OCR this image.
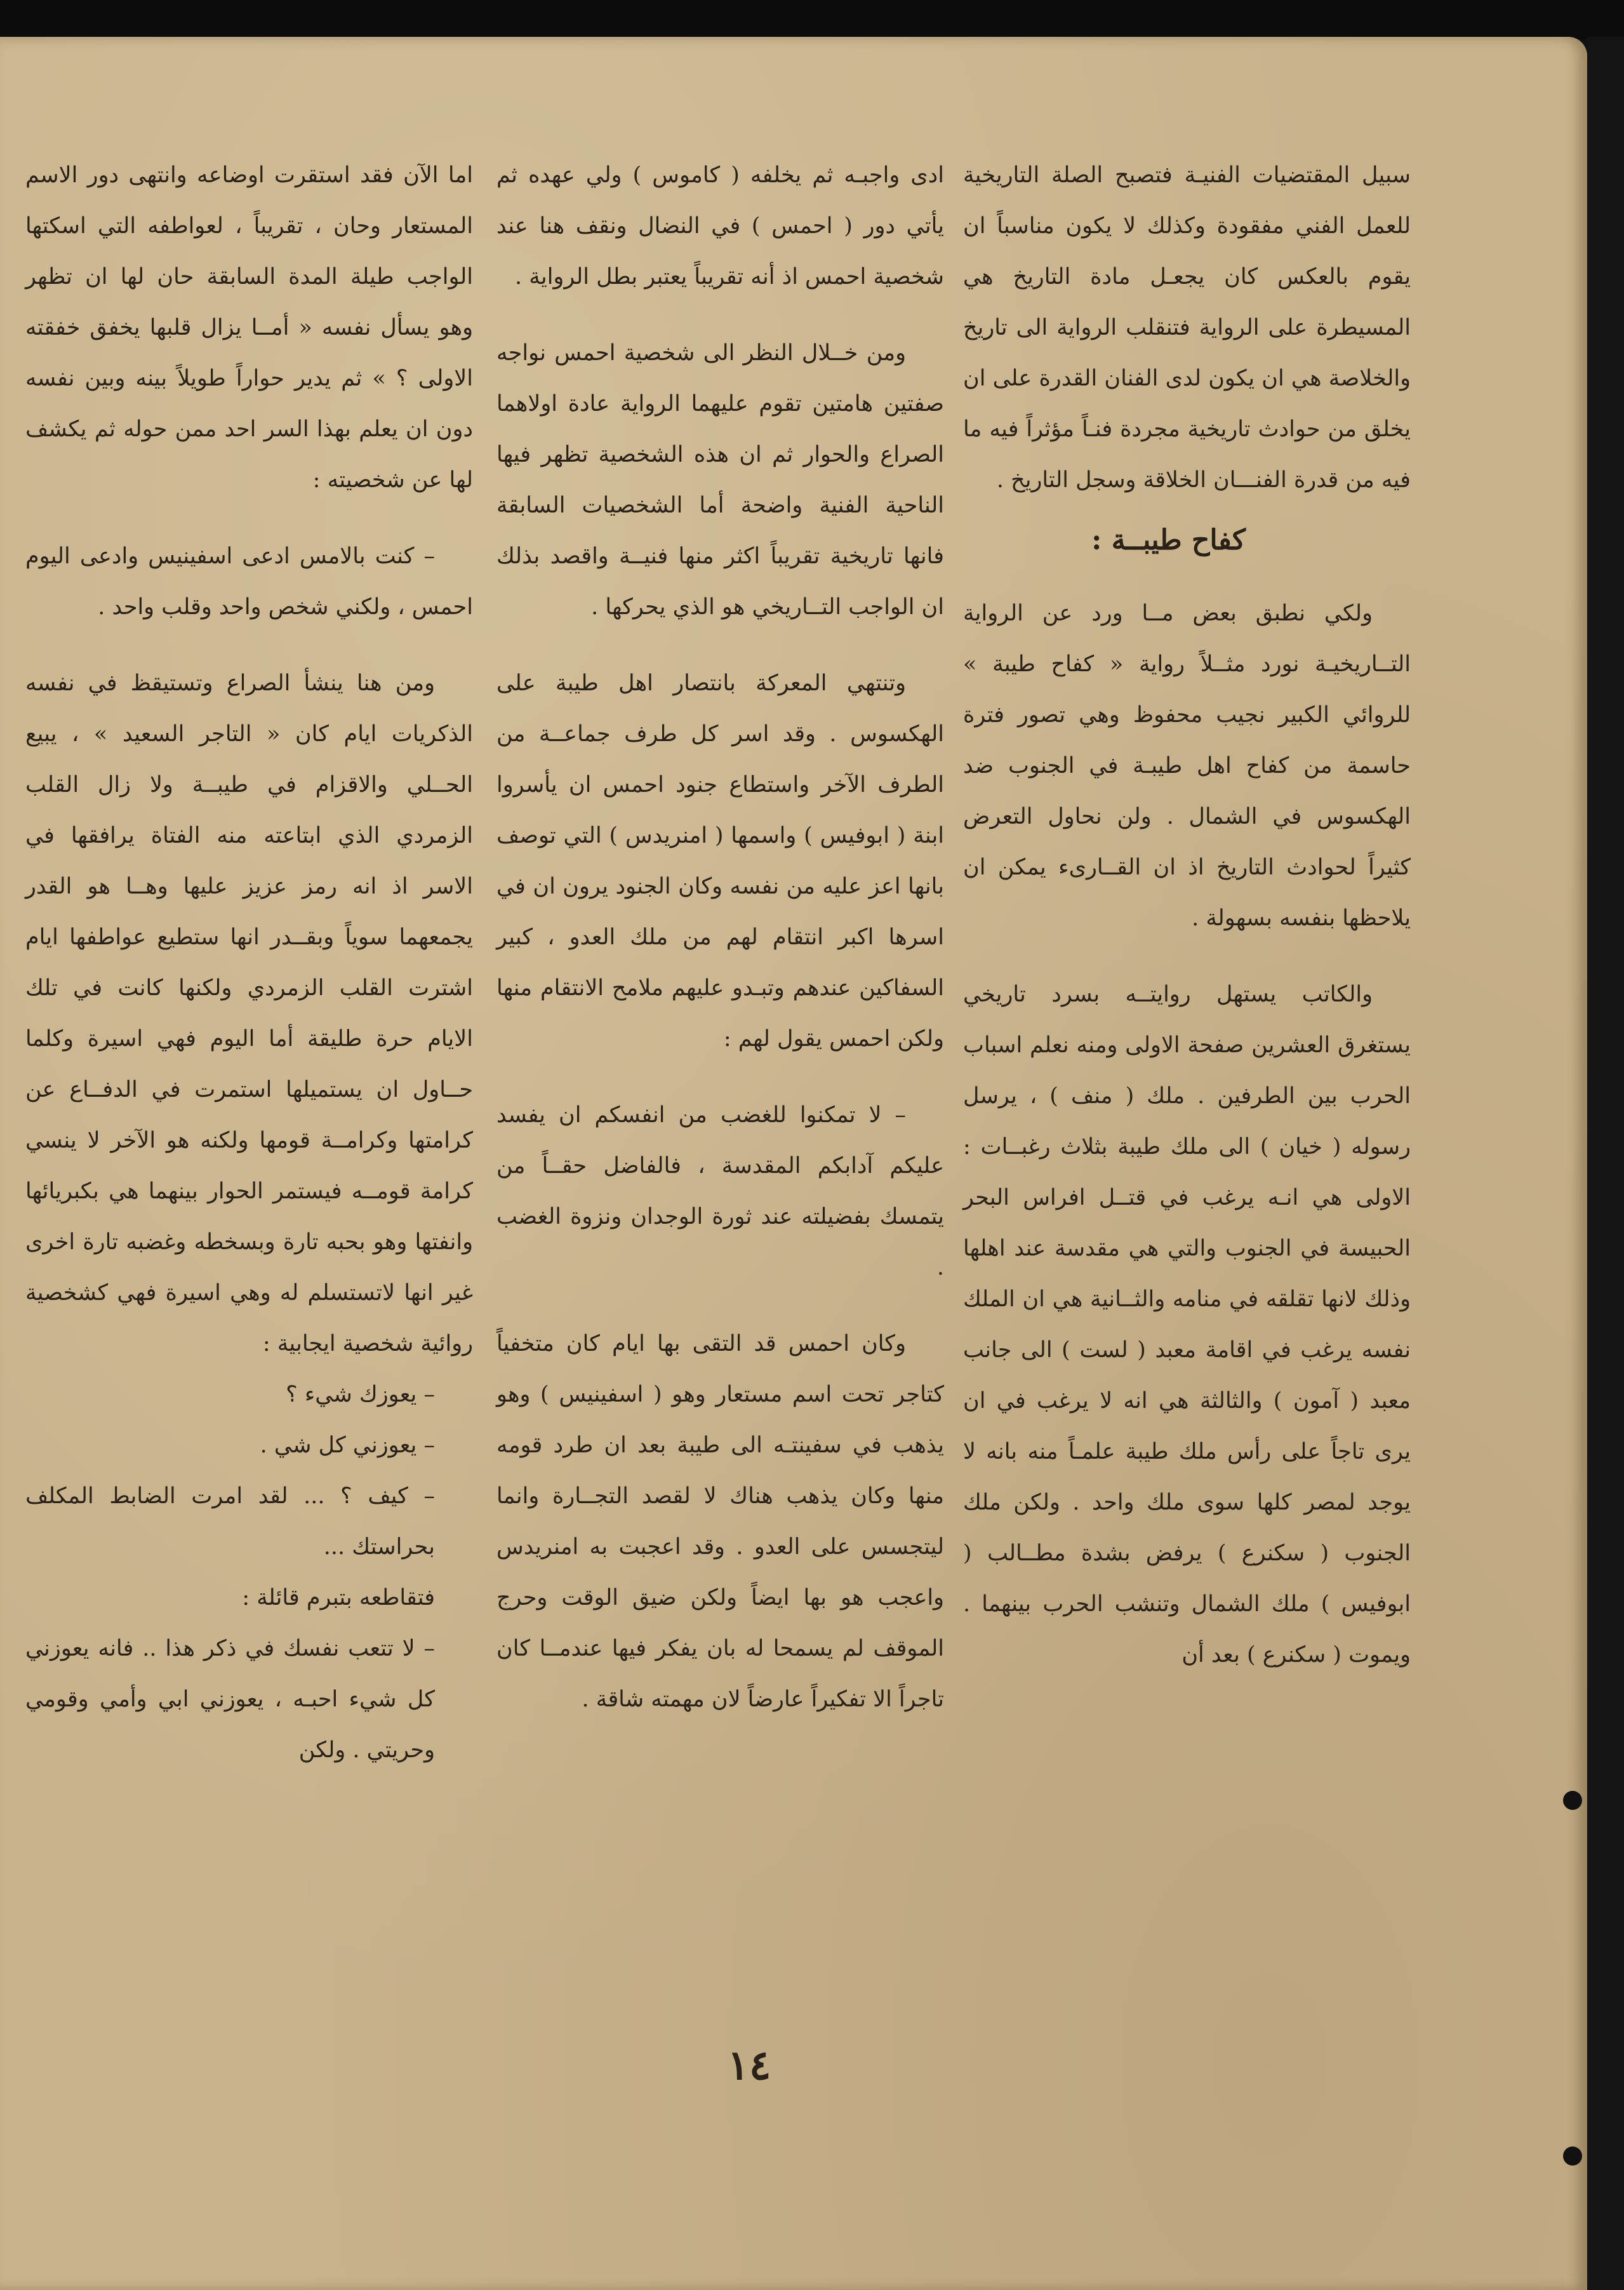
سبيل المقتضيات الفنيـة فتصبح الصلة التاريخية للعمل الفني مفقودة وكذلك لا يكون مناسباً ان يقوم بالعكس كان يجعـل مادة التاريخ هي المسيطرة على الرواية فتنقلب الرواية الى تاريخ والخلاصة هي ان يكون لدى الفنان القدرة على ان يخلق من حوادث تاريخية مجردة فنـاً مؤثراً فيه ما فيه من قدرة الفنـــان الخلاقة وسجل التاريخ .

كفاح طيبــة :

ولكي نطبق بعض مــا ورد عن الرواية التــاريخيـة نورد مثــلاً رواية « كفاح طيبة » للروائي الكبير نجيب محفوظ وهي تصور فترة حاسمة من كفاح اهل طيبـة في الجنوب ضد الهكسوس في الشمال . ولن نحاول التعرض كثيراً لحوادث التاريخ اذ ان القــارىء يمكن ان يلاحظها بنفسه بسهولة .

والكاتب يستهل روايتــه بسرد تاريخي يستغرق العشرين صفحة الاولى ومنه نعلم اسباب الحرب بين الطرفين . ملك ( منف ) ، يرسل رسوله ( خيان ) الى ملك طيبة بثلاث رغبــات : الاولى هي انـه يرغب في قتــل افراس البحر الحبيسة في الجنوب والتي هي مقدسة عند اهلها وذلك لانها تقلقه في منامه والثــانية هي ان الملك نفسه يرغب في اقامة معبد ( لست ) الى جانب معبد ( آمون ) والثالثة هي انه لا يرغب في ان يرى تاجاً على رأس ملك طيبة علمـاً منه بانه لا يوجد لمصر كلها سوى ملك واحد . ولكن ملك الجنوب ( سكنرع ) يرفض بشدة مطــالب ( ابوفيس ) ملك الشمال وتنشب الحرب بينهما . ويموت ( سكنرع ) بعد أن

ادى واجبـه ثم يخلفه ( كاموس ) ولي عهده ثم يأتي دور ( احمس ) في النضال ونقف هنا عند شخصية احمس اذ أنه تقريباً يعتبر بطل الرواية .

ومن خــلال النظر الى شخصية احمس نواجه صفتين هامتين تقوم عليهما الرواية عادة اولاهما الصراع والحوار ثم ان هذه الشخصية تظهر فيها الناحية الفنية واضحة أما الشخصيات السابقة فانها تاريخية تقريباً اكثر منها فنيــة واقصد بذلك ان الواجب التــاريخي هو الذي يحركها .

وتنتهي المعركة بانتصار اهل طيبة على الهكسوس . وقد اسر كل طرف جماعــة من الطرف الآخر واستطاع جنود احمس ان يأسروا ابنة ( ابوفيس ) واسمها ( امنريدس ) التي توصف بانها اعز عليه من نفسه وكان الجنود يرون ان في اسرها اكبر انتقام لهم من ملك العدو ، كبير السفاكين عندهم وتبـدو عليهم ملامح الانتقام منها ولكن احمس يقول لهم :

– لا تمكنوا للغضب من انفسكم ان يفسد عليكم آدابكم المقدسة ، فالفاضل حقــاً من يتمسك بفضيلته عند ثورة الوجدان ونزوة الغضب .

وكان احمس قد التقى بها ايام كان متخفياً كتاجر تحت اسم مستعار وهو ( اسفينيس ) وهو يذهب في سفينتـه الى طيبة بعد ان طرد قومه منها وكان يذهب هناك لا لقصد التجــارة وانما ليتجسس على العدو . وقد اعجبت به امنريدس واعجب هو بها ايضاً ولكن ضيق الوقت وحرج الموقف لم يسمحا له بان يفكر فيها عندمــا كان تاجراً الا تفكيراً عارضاً لان مهمته شاقة .

اما الآن فقد استقرت اوضاعه وانتهى دور الاسم المستعار وحان ، تقريباً ، لعواطفه التي اسكتها الواجب طيلة المدة السابقة حان لها ان تظهر وهو يسأل نفسه « أمــا يزال قلبها يخفق خفقته الاولى ؟ » ثم يدير حواراً طويلاً بينه وبين نفسه دون ان يعلم بهذا السر احد ممن حوله ثم يكشف لها عن شخصيته :

– كنت بالامس ادعى اسفينيس وادعى اليوم احمس ، ولكني شخص واحد وقلب واحد .

ومن هنا ينشأ الصراع وتستيقظ في نفسه الذكريات ايام كان « التاجر السعيد » ، يبيع الحــلي والاقزام في طيبــة ولا زال القلب الزمردي الذي ابتاعته منه الفتاة يرافقها في الاسر اذ انه رمز عزيز عليها وهــا هو القدر يجمعهما سوياً وبقــدر انها ستطيع عواطفها ايام اشترت القلب الزمردي ولكنها كانت في تلك الايام حرة طليقة أما اليوم فهي اسيرة وكلما حــاول ان يستميلها استمرت في الدفــاع عن كرامتها وكرامــة قومها ولكنه هو الآخر لا ينسي كرامة قومــه فيستمر الحوار بينهما هي بكبريائها وانفتها وهو بحبه تارة وبسخطه وغضبه تارة اخرى غير انها لاتستسلم له وهي اسيرة فهي كشخصية روائية شخصية ايجابية :

– يعوزك شيء ؟

– يعوزني كل شي .

– كيف ؟ ... لقد امرت الضابط المكلف بحراستك ...

فتقاطعه بتبرم قائلة :

– لا تتعب نفسك في ذكر هذا .. فانه يعوزني كل شيء احبـه ، يعوزني ابي وأمي وقومي وحريتي . ولكن

١٤
